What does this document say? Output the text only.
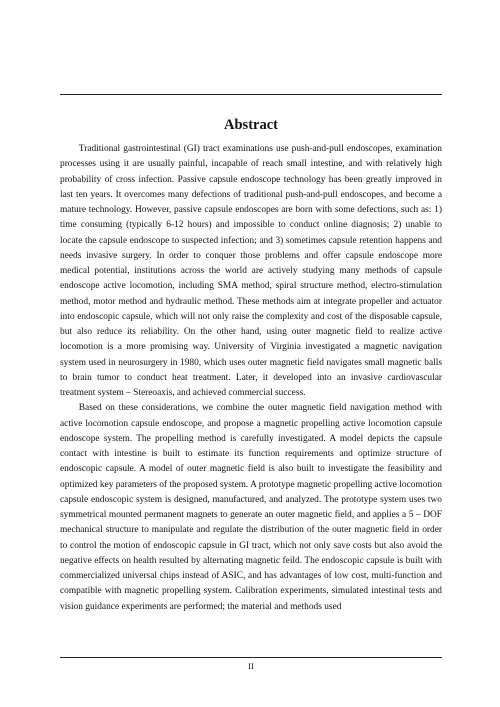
Abstract

Traditional gastrointestinal (GI) tract examinations use push-and-pull endoscopes, examination processes using it are usually painful, incapable of reach small intestine, and with relatively high probability of cross infection. Passive capsule endoscope technology has been greatly improved in last ten years. It overcomes many defections of traditional push-and-pull endoscopes, and become a mature technology. However, passive capsule endoscopes are born with some defections, such as: 1) time consuming (typically 6-12 hours) and impossible to conduct online diagnosis; 2) unable to locate the capsule endoscope to suspected infection; and 3) sometimes capsule retention happens and needs invasive surgery. In order to conquer those problems and offer capsule endoscope more medical potential, institutions across the world are actively studying many methods of capsule endoscope active locomotion, including SMA method, spiral structure method, electro-stimulation method, motor method and hydraulic method. These methods aim at integrate propeller and actuator into endoscopic capsule, which will not only raise the complexity and cost of the disposable capsule, but also reduce its reliability. On the other hand, using outer magnetic field to realize active locomotion is a more promising way. University of Virginia investigated a magnetic navigation system used in neurosurgery in 1980, which uses outer magnetic field navigates small magnetic balls to brain tumor to conduct heat treatment. Later, it developed into an invasive cardiovascular treatment system – Stereoaxis, and achieved commercial success.

Based on these considerations, we combine the outer magnetic field navigation method with active locomotion capsule endoscope, and propose a magnetic propelling active locomotion capsule endoscope system. The propelling method is carefully investigated. A model depicts the capsule contact with intestine is built to estimate its function requirements and optimize structure of endoscopic capsule. A model of outer magnetic field is also built to investigate the feasibility and optimized key parameters of the proposed system. A prototype magnetic propelling active locomotion capsule endoscopic system is designed, manufactured, and analyzed. The prototype system uses two symmetrical mounted permanent magnets to generate an outer magnetic field, and applies a 5 – DOF mechanical structure to manipulate and regulate the distribution of the outer magnetic field in order to control the motion of endoscopic capsule in GI tract, which not only save costs but also avoid the negative effects on health resulted by alternating magnetic feild. The endoscopic capsule is built with commercialized universal chips instead of ASIC, and has advantages of low cost, multi-function and compatible with magnetic propelling system. Calibration experiments, simulated intestinal tests and vision guidance experiments are performed; the material and methods used

II
